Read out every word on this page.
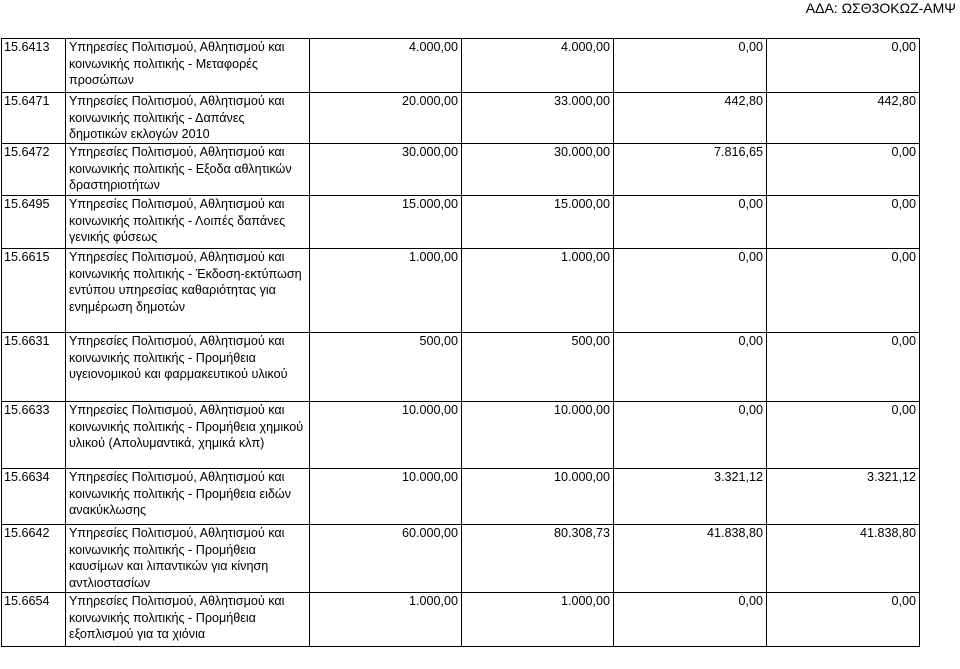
ΑΔΑ: ΩΣΘ3ΟΚΩΖ-ΑΜΨ
15.6413	Υπηρεσίες Πολιτισμού, Αθλητισμού και κοινωνικής πολιτικής - Μεταφορές προσώπων	4.000,00	4.000,00	0,00	0,00
15.6471	Υπηρεσίες Πολιτισμού, Αθλητισμού και κοινωνικής πολιτικής - Δαπάνες δημοτικών εκλογών 2010	20.000,00	33.000,00	442,80	442,80
15.6472	Υπηρεσίες Πολιτισμού, Αθλητισμού και κοινωνικής πολιτικής - Εξοδα αθλητικών δραστηριοτήτων	30.000,00	30.000,00	7.816,65	0,00
15.6495	Υπηρεσίες Πολιτισμού, Αθλητισμού και κοινωνικής πολιτικής - Λοιπές δαπάνες γενικής φύσεως	15.000,00	15.000,00	0,00	0,00
15.6615	Υπηρεσίες Πολιτισμού, Αθλητισμού και κοινωνικής πολιτικής - Έκδοση-εκτύπωση εντύπου υπηρεσίας καθαριότητας για ενημέρωση δημοτών	1.000,00	1.000,00	0,00	0,00
15.6631	Υπηρεσίες Πολιτισμού, Αθλητισμού και κοινωνικής πολιτικής - Προμήθεια υγειονομικού και φαρμακευτικού υλικού	500,00	500,00	0,00	0,00
15.6633	Υπηρεσίες Πολιτισμού, Αθλητισμού και κοινωνικής πολιτικής - Προμήθεια χημικού υλικού (Απολυμαντικά, χημικά κλπ)	10.000,00	10.000,00	0,00	0,00
15.6634	Υπηρεσίες Πολιτισμού, Αθλητισμού και κοινωνικής πολιτικής - Προμήθεια ειδών ανακύκλωσης	10.000,00	10.000,00	3.321,12	3.321,12
15.6642	Υπηρεσίες Πολιτισμού, Αθλητισμού και κοινωνικής πολιτικής - Προμήθεια καυσίμων και λιπαντικών για κίνηση αντλιοστασίων	60.000,00	80.308,73	41.838,80	41.838,80
15.6654	Υπηρεσίες Πολιτισμού, Αθλητισμού και κοινωνικής πολιτικής - Προμήθεια εξοπλισμού για τα χιόνια	1.000,00	1.000,00	0,00	0,00
